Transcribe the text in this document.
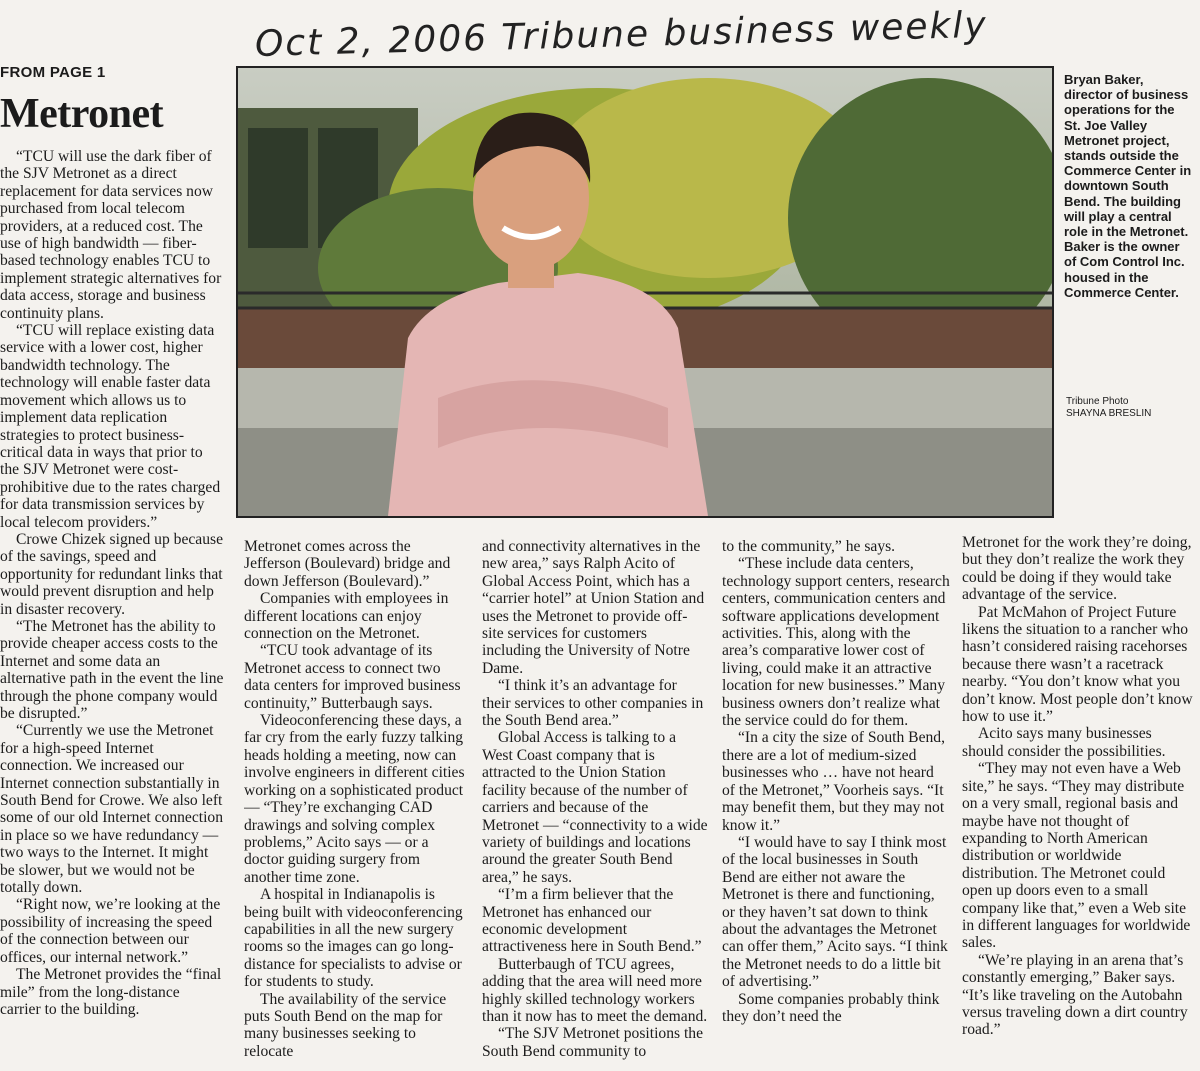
Oct 2, 2006 Tribune business weekly
FROM PAGE 1
Metronet

“TCU will use the dark fiber of the SJV Metronet as a direct replacement for data services now purchased from local telecom providers, at a reduced cost. The use of high bandwidth — fiber-based technology enables TCU to implement strategic alternatives for data access, storage and business continuity plans.

“TCU will replace existing data service with a lower cost, higher bandwidth technology. The technology will enable faster data movement which allows us to implement data replication strategies to protect business-critical data in ways that prior to the SJV Metronet were cost-prohibitive due to the rates charged for data transmission services by local telecom providers.”

Crowe Chizek signed up because of the savings, speed and opportunity for redundant links that would prevent disruption and help in disaster recovery.

“The Metronet has the ability to provide cheaper access costs to the Internet and some data an alternative path in the event the line through the phone company would be disrupted.”

“Currently we use the Metronet for a high-speed Internet connection. We increased our Internet connection substantially in South Bend for Crowe. We also left some of our old Internet connection in place so we have redundancy — two ways to the Internet. It might be slower, but we would not be totally down.

“Right now, we’re looking at the possibility of increasing the speed of the connection between our offices, our internal network.”

The Metronet provides the “final mile” from the long-distance carrier to the building.

Bryan Baker, director of business operations for the St. Joe Valley Metronet project, stands outside the Commerce Center in downtown South Bend. The building will play a central role in the Metronet. Baker is the owner of Com Control Inc. housed in the Commerce Center.
Tribune Photo
SHAYNA BRESLIN

Metronet comes across the Jefferson (Boulevard) bridge and down Jefferson (Boulevard).”

Companies with employees in different locations can enjoy connection on the Metronet.

“TCU took advantage of its Metronet access to connect two data centers for improved business continuity,” Butterbaugh says.

Videoconferencing these days, a far cry from the early fuzzy talking heads holding a meeting, now can involve engineers in different cities working on a sophisticated product — “They’re exchanging CAD drawings and solving complex problems,” Acito says — or a doctor guiding surgery from another time zone.

A hospital in Indianapolis is being built with videoconferencing capabilities in all the new surgery rooms so the images can go long-distance for specialists to advise or for students to study.

The availability of the service puts South Bend on the map for many businesses seeking to relocate

and connectivity alternatives in the new area,” says Ralph Acito of Global Access Point, which has a “carrier hotel” at Union Station and uses the Metronet to provide off-site services for customers including the University of Notre Dame.

“I think it’s an advantage for their services to other companies in the South Bend area.”

Global Access is talking to a West Coast company that is attracted to the Union Station facility because of the number of carriers and because of the Metronet — “connectivity to a wide variety of buildings and locations around the greater South Bend area,” he says.

“I’m a firm believer that the Metronet has enhanced our economic development attractiveness here in South Bend.”

Butterbaugh of TCU agrees, adding that the area will need more highly skilled technology workers than it now has to meet the demand.

“The SJV Metronet positions the South Bend community to

to the community,” he says.

“These include data centers, technology support centers, research centers, communication centers and software applications development activities. This, along with the area’s comparative lower cost of living, could make it an attractive location for new businesses.” Many business owners don’t realize what the service could do for them.

“In a city the size of South Bend, there are a lot of medium-sized businesses who … have not heard of the Metronet,” Voorheis says. “It may benefit them, but they may not know it.”

“I would have to say I think most of the local businesses in South Bend are either not aware the Metronet is there and functioning, or they haven’t sat down to think about the advantages the Metronet can offer them,” Acito says. “I think the Metronet needs to do a little bit of advertising.”

Some companies probably think they don’t need the

Metronet for the work they’re doing, but they don’t realize the work they could be doing if they would take advantage of the service.

Pat McMahon of Project Future likens the situation to a rancher who hasn’t considered raising racehorses because there wasn’t a racetrack nearby. “You don’t know what you don’t know. Most people don’t know how to use it.”

Acito says many businesses should consider the possibilities.

“They may not even have a Web site,” he says. “They may distribute on a very small, regional basis and maybe have not thought of expanding to North American distribution or worldwide distribution. The Metronet could open up doors even to a small company like that,” even a Web site in different languages for worldwide sales.

“We’re playing in an arena that’s constantly emerging,” Baker says. “It’s like traveling on the Autobahn versus traveling down a dirt country road.”
